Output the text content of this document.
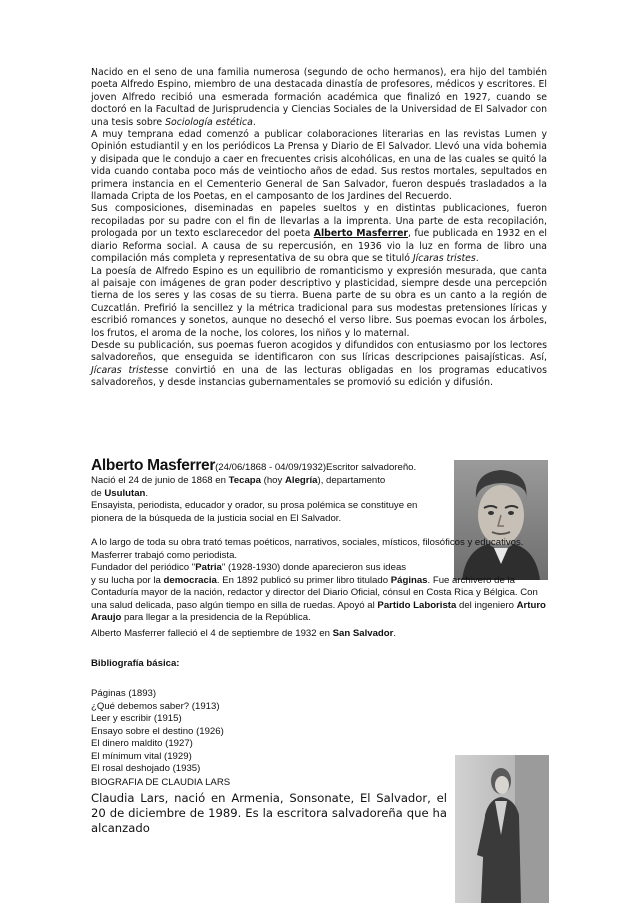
Nacido en el seno de una familia numerosa (segundo de ocho hermanos), era hijo del también poeta Alfredo Espino, miembro de una destacada dinastía de profesores, médicos y escritores. El joven Alfredo recibió una esmerada formación académica que finalizó en 1927, cuando se doctoró en la Facultad de Jurisprudencia y Ciencias Sociales de la Universidad de El Salvador con una tesis sobre Sociología estética.

A muy temprana edad comenzó a publicar colaboraciones literarias en las revistas Lumen y Opinión estudiantil y en los periódicos La Prensa y Diario de El Salvador. Llevó una vida bohemia y disipada que le condujo a caer en frecuentes crisis alcohólicas, en una de las cuales se quitó la vida cuando contaba poco más de veintiocho años de edad. Sus restos mortales, sepultados en primera instancia en el Cementerio General de San Salvador, fueron después trasladados a la llamada Cripta de los Poetas, en el camposanto de los Jardines del Recuerdo.

Sus composiciones, diseminadas en papeles sueltos y en distintas publicaciones, fueron recopiladas por su padre con el fin de llevarlas a la imprenta. Una parte de esta recopilación, prologada por un texto esclarecedor del poeta Alberto Masferrer, fue publicada en 1932 en el diario Reforma social. A causa de su repercusión, en 1936 vio la luz en forma de libro una compilación más completa y representativa de su obra que se tituló Jícaras tristes.

La poesía de Alfredo Espino es un equilibrio de romanticismo y expresión mesurada, que canta al paisaje con imágenes de gran poder descriptivo y plasticidad, siempre desde una percepción tierna de los seres y las cosas de su tierra. Buena parte de su obra es un canto a la región de Cuzcatlán. Prefirió la sencillez y la métrica tradicional para sus modestas pretensiones líricas y escribió romances y sonetos, aunque no desechó el verso libre. Sus poemas evocan los árboles, los frutos, el aroma de la noche, los colores, los niños y lo maternal.

Desde su publicación, sus poemas fueron acogidos y difundidos con entusiasmo por los lectores salvadoreños, que enseguida se identificaron con sus líricas descripciones paisajísticas. Así, Jícaras tristesse convirtió en una de las lecturas obligadas en los programas educativos salvadoreños, y desde instancias gubernamentales se promovió su edición y difusión.

Alberto Masferrer(24/06/1868 - 04/09/1932)Escritor salvadoreño.

Nació el 24 de junio de 1868 en Tecapa (hoy Alegría), departamento

de Usulutan.

Ensayista, periodista, educador y orador, su prosa polémica se constituye en pionera de la búsqueda de la justicia social en El Salvador.

A lo largo de toda su obra trató temas poéticos, narrativos, sociales, místicos, filosóficos y educativos. Masferrer trabajó como periodista.
Fundador del periódico "Patria" (1928-1930) donde aparecieron sus ideas
y su lucha por la democracia. En 1892 publicó su primer libro titulado Páginas. Fue archivero de la Contaduría mayor de la nación, redactor y director del Diario Oficial, cónsul en Costa Rica y Bélgica. Con una salud delicada, paso algún tiempo en silla de ruedas. Apoyó al Partido Laborista del ingeniero Arturo Araujo para llegar a la presidencia de la República.

Alberto Masferrer falleció el 4 de septiembre de 1932 en San Salvador.

Bibliografía básica:
Páginas (1893)
¿Qué debemos saber? (1913)
Leer y escribir (1915)
Ensayo sobre el destino (1926)
El dinero maldito (1927)
El mínimum vital (1929)
El rosal deshojado (1935)
BIOGRAFIA DE CLAUDIA LARS
Claudia Lars, nació en Armenia, Sonsonate, El Salvador, el 20 de diciembre de 1989. Es la escritora salvadoreña que ha alcanzado
